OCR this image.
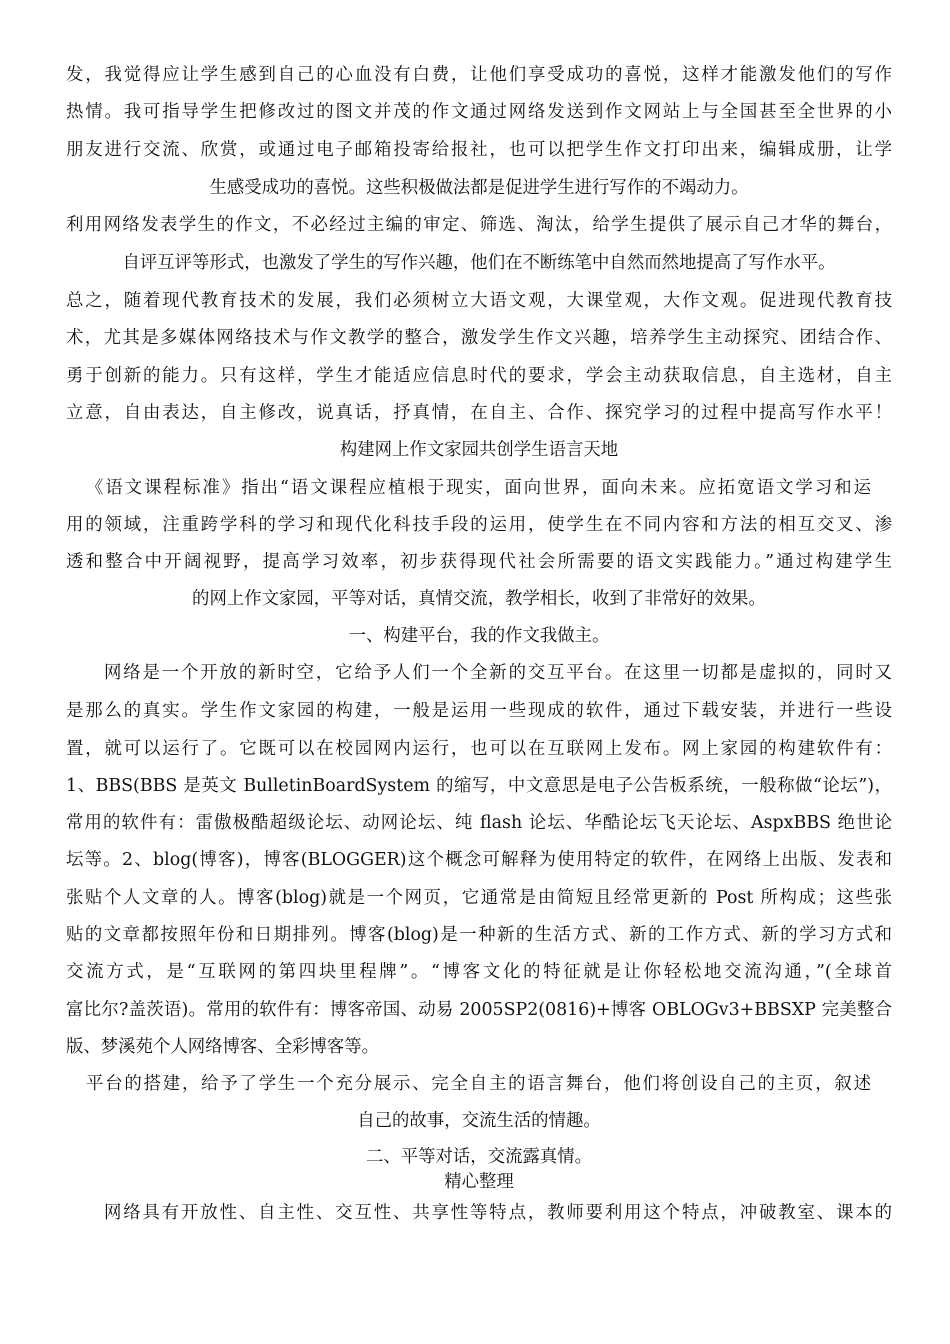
发，我觉得应让学生感到自己的心血没有白费，让他们享受成功的喜悦，这样才能激发他们的写作
热情。我可指导学生把修改过的图文并茂的作文通过网络发送到作文网站上与全国甚至全世界的小
朋友进行交流、欣赏，或通过电子邮箱投寄给报社，也可以把学生作文打印出来，编辑成册，让学
生感受成功的喜悦。这些积极做法都是促进学生进行写作的不竭动力。
利用网络发表学生的作文，不必经过主编的审定、筛选、淘汰，给学生提供了展示自己才华的舞台，
自评互评等形式，也激发了学生的写作兴趣，他们在不断练笔中自然而然地提高了写作水平。
总之，随着现代教育技术的发展，我们必须树立大语文观，大课堂观，大作文观。促进现代教育技
术，尤其是多媒体网络技术与作文教学的整合，激发学生作文兴趣，培养学生主动探究、团结合作、
勇于创新的能力。只有这样，学生才能适应信息时代的要求，学会主动获取信息，自主选材，自主
立意，自由表达，自主修改，说真话，抒真情，在自主、合作、探究学习的过程中提高写作水平！
构建网上作文家园共创学生语言天地
《语文课程标准》指出“语文课程应植根于现实，面向世界，面向未来。应拓宽语文学习和运
用的领域，注重跨学科的学习和现代化科技手段的运用，使学生在不同内容和方法的相互交叉、渗
透和整合中开阔视野，提高学习效率，初步获得现代社会所需要的语文实践能力。”通过构建学生
的网上作文家园，平等对话，真情交流，教学相长，收到了非常好的效果。
一、构建平台，我的作文我做主。
网络是一个开放的新时空，它给予人们一个全新的交互平台。在这里一切都是虚拟的，同时又
是那么的真实。学生作文家园的构建，一般是运用一些现成的软件，通过下载安装，并进行一些设
置，就可以运行了。它既可以在校园网内运行，也可以在互联网上发布。网上家园的构建软件有：
1、BBS(BBS 是英文 BulletinBoardSystem 的缩写，中文意思是电子公告板系统，一般称做“论坛”)，
常用的软件有：雷傲极酷超级论坛、动网论坛、纯 flash 论坛、华酷论坛飞天论坛、AspxBBS 绝世论
坛等。2、blog(博客)，博客(BLOGGER)这个概念可解释为使用特定的软件，在网络上出版、发表和
张贴个人文章的人。博客(blog)就是一个网页，它通常是由简短且经常更新的 Post 所构成；这些张
贴的文章都按照年份和日期排列。博客(blog)是一种新的生活方式、新的工作方式、新的学习方式和
交流方式，是“互联网的第四块里程牌”。“博客文化的特征就是让你轻松地交流沟通，”(全球首
富比尔?盖茨语)。常用的软件有：博客帝国、动易 2005SP2(0816)+博客 OBLOGv3+BBSXP 完美整合
版、梦溪苑个人网络博客、全彩博客等。
平台的搭建，给予了学生一个充分展示、完全自主的语言舞台，他们将创设自己的主页，叙述
自己的故事，交流生活的情趣。
二、平等对话，交流露真情。
精心整理
网络具有开放性、自主性、交互性、共享性等特点，教师要利用这个特点，冲破教室、课本的
